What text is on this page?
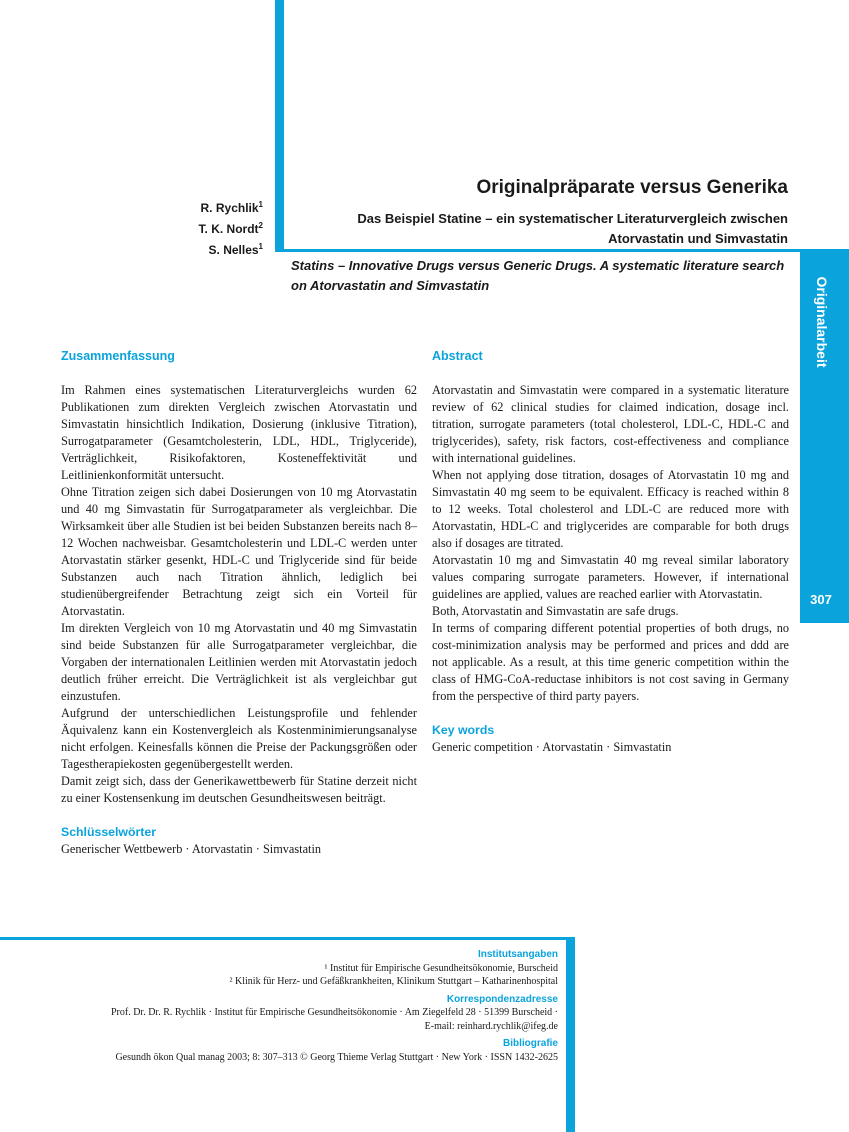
Originalarbeit
307
R. Rychlik$^1$
T. K. Nordt$^2$
S. Nelles$^1$
Originalpräparate versus Generika
Das Beispiel Statine – ein systematischer Literaturvergleich zwischen Atorvastatin und Simvastatin
Statins – Innovative Drugs versus Generic Drugs. A systematic literature search on Atorvastatin and Simvastatin
Zusammenfassung

Im Rahmen eines systematischen Literaturvergleichs wurden 62 Publikationen zum direkten Vergleich zwischen Atorvastatin und Simvastatin hinsichtlich Indikation, Dosierung (inklusive Titration), Surrogatparameter (Gesamtcholesterin, LDL, HDL, Triglyceride), Verträglichkeit, Risikofaktoren, Kosteneffektivität und Leitlinienkonformität untersucht.

Ohne Titration zeigen sich dabei Dosierungen von 10 mg Atorvastatin und 40 mg Simvastatin für Surrogatparameter als vergleichbar. Die Wirksamkeit über alle Studien ist bei beiden Substanzen bereits nach 8–12 Wochen nachweisbar. Gesamtcholesterin und LDL-C werden unter Atorvastatin stärker gesenkt, HDL-C und Triglyceride sind für beide Substanzen auch nach Titration ähnlich, lediglich bei studienübergreifender Betrachtung zeigt sich ein Vorteil für Atorvastatin.

Im direkten Vergleich von 10 mg Atorvastatin und 40 mg Simvastatin sind beide Substanzen für alle Surrogatparameter vergleichbar, die Vorgaben der internationalen Leitlinien werden mit Atorvastatin jedoch deutlich früher erreicht. Die Verträglichkeit ist als vergleichbar gut einzustufen.

Aufgrund der unterschiedlichen Leistungsprofile und fehlender Äquivalenz kann ein Kostenvergleich als Kostenminimierungsanalyse nicht erfolgen. Keinesfalls können die Preise der Packungsgrößen oder Tagestherapiekosten gegenübergestellt werden.

Damit zeigt sich, dass der Generikawettbewerb für Statine derzeit nicht zu einer Kostensenkung im deutschen Gesundheitswesen beiträgt.

Schlüsselwörter
Generischer Wettbewerb · Atorvastatin · Simvastatin
Abstract

Atorvastatin and Simvastatin were compared in a systematic literature review of 62 clinical studies for claimed indication, dosage incl. titration, surrogate parameters (total cholesterol, LDL-C, HDL-C and triglycerides), safety, risk factors, cost-effectiveness and compliance with international guidelines.

When not applying dose titration, dosages of Atorvastatin 10 mg and Simvastatin 40 mg seem to be equivalent. Efficacy is reached within 8 to 12 weeks. Total cholesterol and LDL-C are reduced more with Atorvastatin, HDL-C and triglycerides are comparable for both drugs also if dosages are titrated.

Atorvastatin 10 mg and Simvastatin 40 mg reveal similar laboratory values comparing surrogate parameters. However, if international guidelines are applied, values are reached earlier with Atorvastatin.

Both, Atorvastatin and Simvastatin are safe drugs.

In terms of comparing different potential properties of both drugs, no cost-minimization analysis may be performed and prices and ddd are not applicable. As a result, at this time generic competition within the class of HMG-CoA-reductase inhibitors is not cost saving in Germany from the perspective of third party payers.

Key words
Generic competition · Atorvastatin · Simvastatin
Institutsangaben
¹ Institut für Empirische Gesundheitsökonomie, Burscheid
² Klinik für Herz- und Gefäßkrankheiten, Klinikum Stuttgart – Katharinenhospital
Korrespondenzadresse
Prof. Dr. Dr. R. Rychlik · Institut für Empirische Gesundheitsökonomie · Am Ziegelfeld 28 · 51399 Burscheid ·
E-mail: reinhard.rychlik@ifeg.de
Bibliografie
Gesundh ökon Qual manag 2003; 8: 307–313 © Georg Thieme Verlag Stuttgart · New York · ISSN 1432-2625
